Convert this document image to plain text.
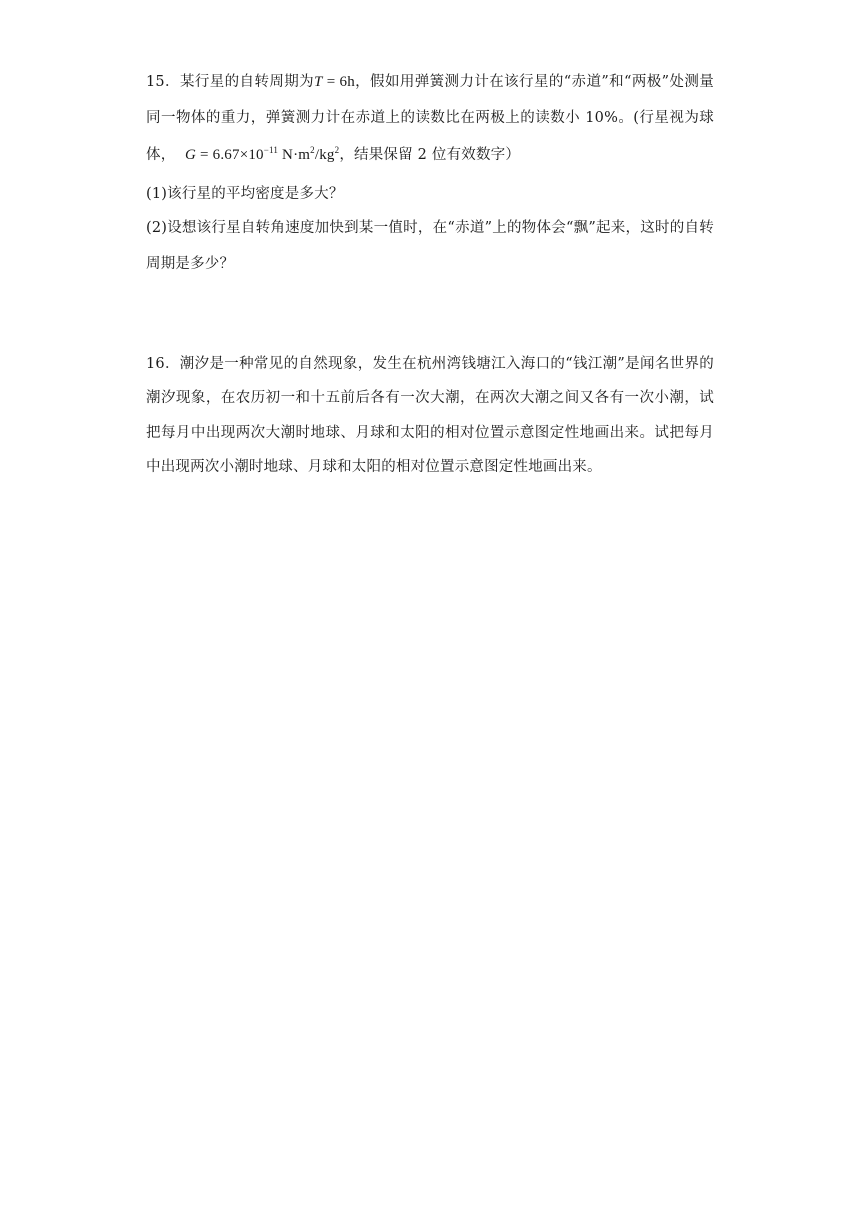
15．某行星的自转周期为T = 6h，假如用弹簧测力计在该行星的“赤道”和“两极”处测量
同一物体的重力，弹簧测力计在赤道上的读数比在两极上的读数小 10%。(行星视为球
体， $G = 6.67\times 10^{-11}$ $N\cdot m^2/kg^2$，结果保留 2 位有效数字）
(1)该行星的平均密度是多大？
(2)设想该行星自转角速度加快到某一值时，在“赤道”上的物体会“飘”起来，这时的自转
周期是多少？
16．潮汐是一种常见的自然现象，发生在杭州湾钱塘江入海口的“钱江潮”是闻名世界的
潮汐现象，在农历初一和十五前后各有一次大潮，在两次大潮之间又各有一次小潮，试
把每月中出现两次大潮时地球、月球和太阳的相对位置示意图定性地画出来。试把每月
中出现两次小潮时地球、月球和太阳的相对位置示意图定性地画出来。
